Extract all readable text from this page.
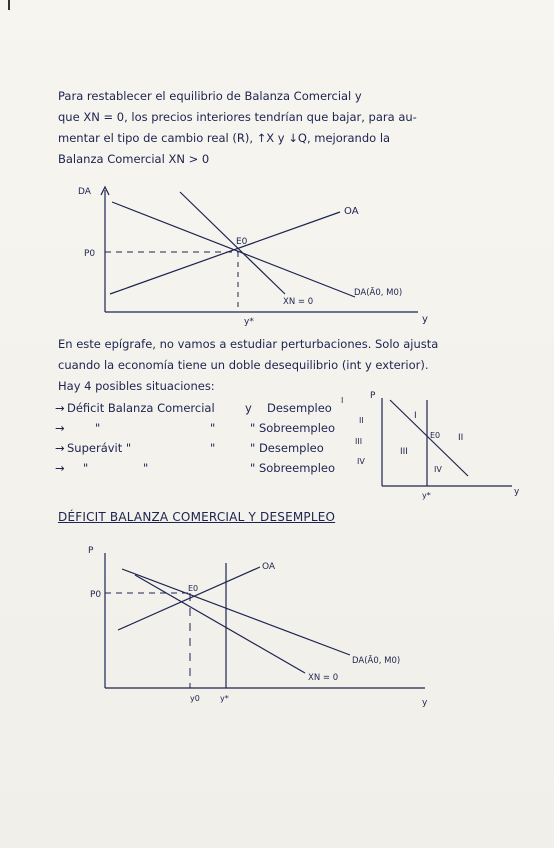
Para restablecer el equilibrio de Balanza Comercial y
que XN = 0, los precios interiores tendrían que bajar, para au-
mentar el tipo de cambio real (R), ↑X y ↓Q, mejorando la
Balanza Comercial XN > 0
DA
y
P0
E0
OA
XN = 0
DA(Ā0, M0)
y*
En este epígrafe, no vamos a estudiar perturbaciones. Solo ajusta
cuando la economía tiene un doble desequilibrio (int y exterior).
Hay 4 posibles situaciones:
→ Déficit Balanza Comercial	y Desempleo
I
→	"	"	" Sobreempleo
II
→ Superávit "	"	" Desempleo	III
→ "	"	" Sobreempleo	IV
P
y
I
II
III
IV
E0
y*
DÉFICIT BALANZA COMERCIAL Y DESEMPLEO
P
y
P0
E0
OA
DA(Ā0, M0)
XN = 0
y0	y*
